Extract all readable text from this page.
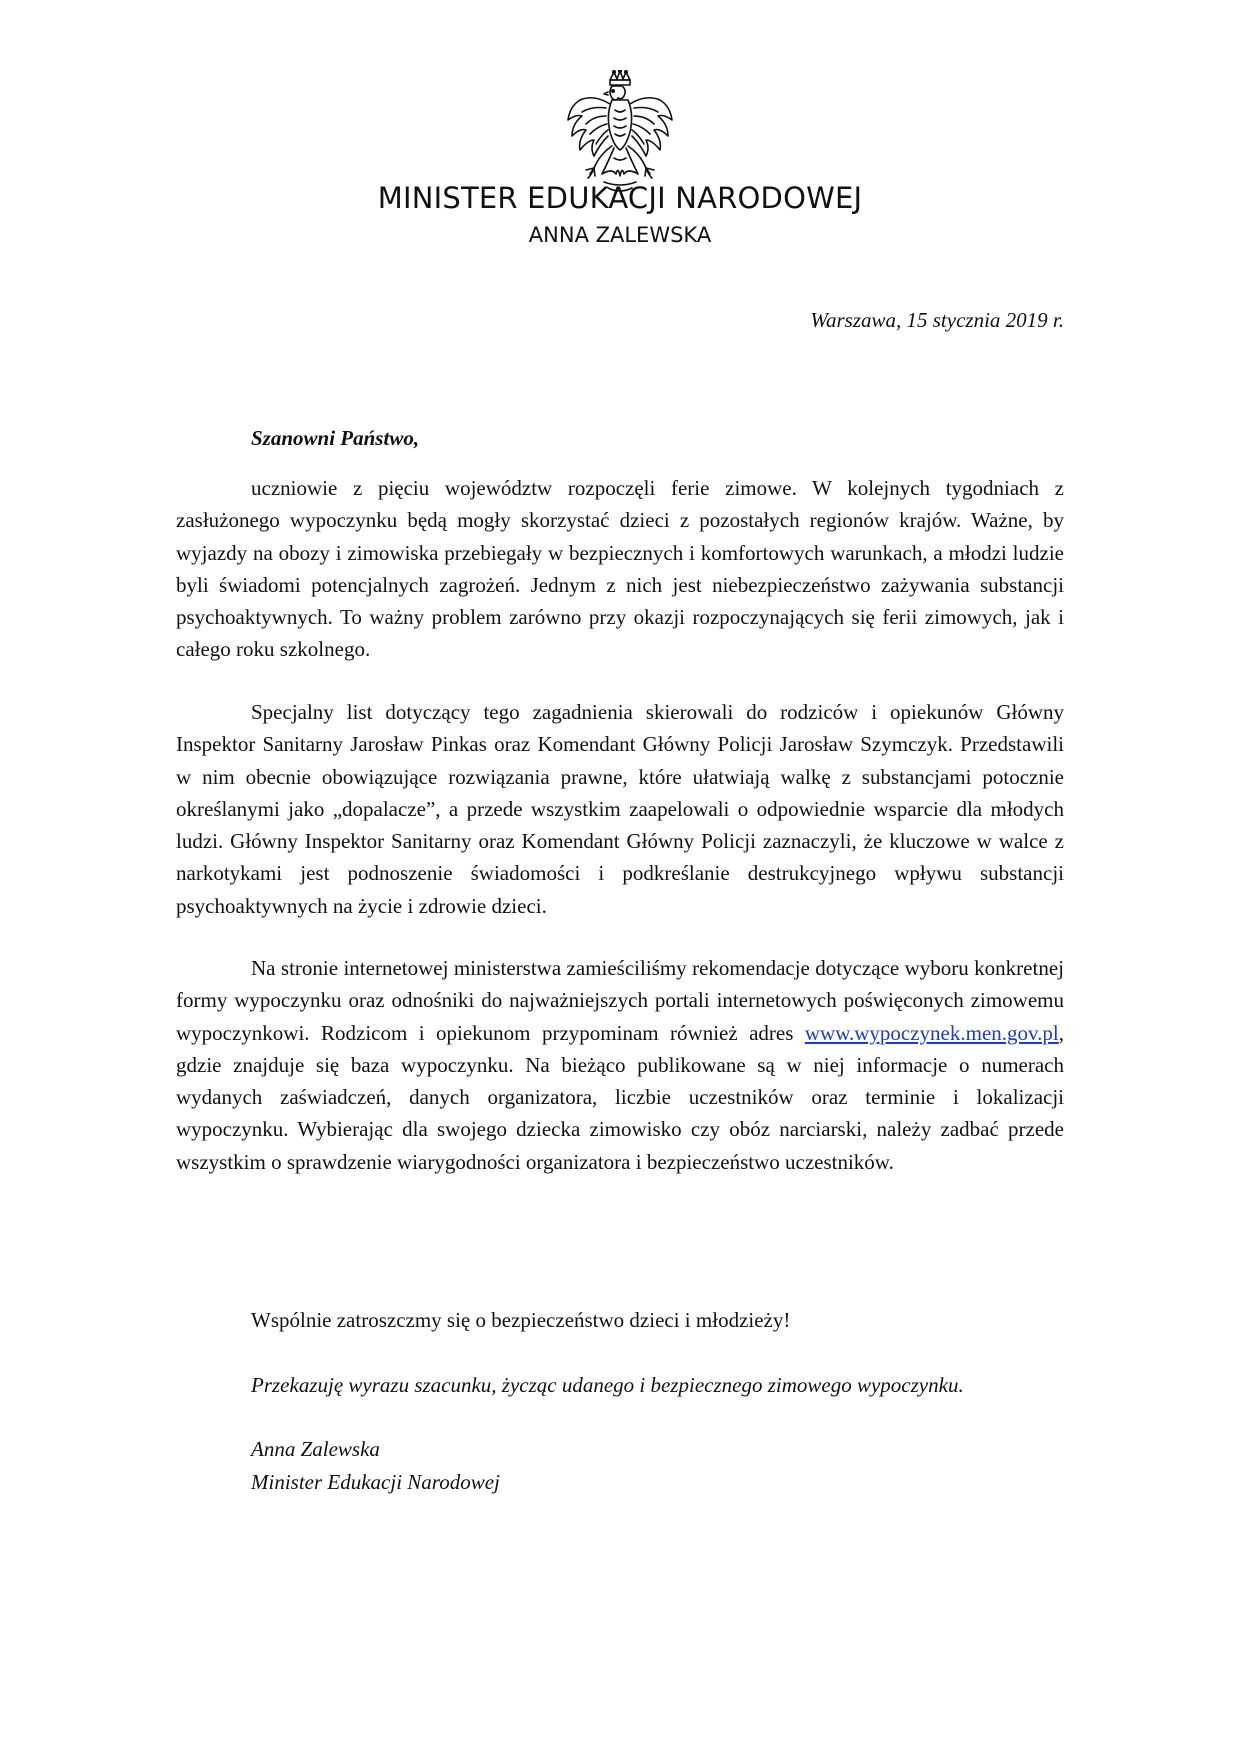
MINISTER EDUKACJI NARODOWEJ
ANNA ZALEWSKA
Warszawa, 15 stycznia 2019 r.
Szanowni Państwo,

uczniowie z pięciu województw rozpoczęli ferie zimowe. W kolejnych tygodniach z zasłużonego wypoczynku będą mogły skorzystać dzieci z pozostałych regionów krajów. Ważne, by wyjazdy na obozy i zimowiska przebiegały w bezpiecznych i komfortowych warunkach, a młodzi ludzie byli świadomi potencjalnych zagrożeń. Jednym z nich jest niebezpieczeństwo zażywania substancji psychoaktywnych. To ważny problem zarówno przy okazji rozpoczynających się ferii zimowych, jak i całego roku szkolnego.

Specjalny list dotyczący tego zagadnienia skierowali do rodziców i opiekunów Główny Inspektor Sanitarny Jarosław Pinkas oraz Komendant Główny Policji Jarosław Szymczyk. Przedstawili w nim obecnie obowiązujące rozwiązania prawne, które ułatwiają walkę z substancjami potocznie określanymi jako „dopalacze”, a przede wszystkim zaapelowali o odpowiednie wsparcie dla młodych ludzi. Główny Inspektor Sanitarny oraz Komendant Główny Policji zaznaczyli, że kluczowe w walce z narkotykami jest podnoszenie świadomości i podkreślanie destrukcyjnego wpływu substancji psychoaktywnych na życie i zdrowie dzieci.

Na stronie internetowej ministerstwa zamieściliśmy rekomendacje dotyczące wyboru konkretnej formy wypoczynku oraz odnośniki do najważniejszych portali internetowych poświęconych zimowemu wypoczynkowi. Rodzicom i opiekunom przypominam również adres www.wypoczynek.men.gov.pl, gdzie znajduje się baza wypoczynku. Na bieżąco publikowane są w niej informacje o numerach wydanych zaświadczeń, danych organizatora, liczbie uczestników oraz terminie i lokalizacji wypoczynku. Wybierając dla swojego dziecka zimowisko czy obóz narciarski, należy zadbać przede wszystkim o sprawdzenie wiarygodności organizatora i bezpieczeństwo uczestników.

Wspólnie zatroszczmy się o bezpieczeństwo dzieci i młodzieży!

Przekazuję wyrazu szacunku, życząc udanego i bezpiecznego zimowego wypoczynku.
Anna Zalewska
Minister Edukacji Narodowej
